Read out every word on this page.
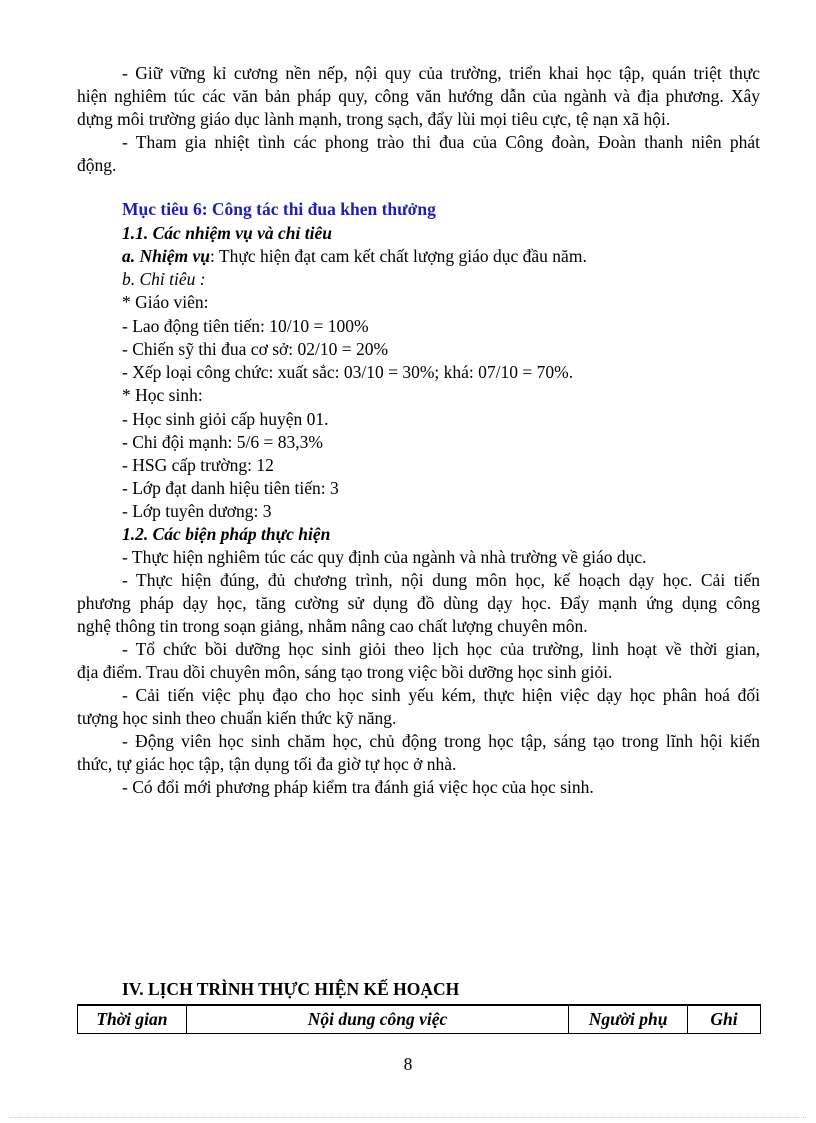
- Giữ vững kỉ cương nền nếp, nội quy của trường, triển khai học tập, quán triệt thực
hiện nghiêm túc các văn bản pháp quy, công văn hướng dẫn của ngành và địa phương. Xây
dựng môi trường giáo dục lành mạnh, trong sạch, đẩy lùi mọi tiêu cực, tệ nạn xã hội.
- Tham gia nhiệt tình các phong trào thi đua của Công đoàn, Đoàn thanh niên phát
động.
Mục tiêu 6: Công tác thi đua khen thưởng
1.1. Các nhiệm vụ và chỉ tiêu
a. Nhiệm vụ: Thực hiện đạt cam kết chất lượng giáo dục đầu năm.
b. Chỉ tiêu :
* Giáo viên:
- Lao động tiên tiến: 10/10 = 100%
- Chiến sỹ thi đua cơ sở: 02/10 = 20%
- Xếp loại công chức: xuất sắc: 03/10 = 30%; khá: 07/10 = 70%.
* Học sinh:
- Học sinh giỏi cấp huyện 01.
- Chi đội mạnh: 5/6 = 83,3%
- HSG cấp trường: 12
- Lớp đạt danh hiệu tiên tiến: 3
- Lớp tuyên dương: 3
1.2. Các biện pháp thực hiện
- Thực hiện nghiêm túc các quy định của ngành và nhà trường về giáo dục.
- Thực hiện đúng, đủ chương trình, nội dung môn học, kế hoạch dạy học. Cải tiến
phương pháp dạy học, tăng cường sử dụng đồ dùng dạy học. Đẩy mạnh ứng dụng công
nghệ thông tin trong soạn giảng, nhằm nâng cao chất lượng chuyên môn.
- Tổ chức bồi dưỡng học sinh giỏi theo lịch học của trường, linh hoạt về thời gian,
địa điểm. Trau dồi chuyên môn, sáng tạo trong việc bồi dưỡng học sinh giỏi.
- Cải tiến việc phụ đạo cho học sinh yếu kém, thực hiện việc dạy học phân hoá đối
tượng học sinh theo chuẩn kiến thức kỹ năng.
- Động viên học sinh chăm học, chủ động trong học tập, sáng tạo trong lĩnh hội kiến
thức, tự giác học tập, tận dụng tối đa giờ tự học ở nhà.
- Có đổi mới phương pháp kiểm tra đánh giá việc học của học sinh.
IV. LỊCH TRÌNH THỰC HIỆN KẾ HOẠCH
Thời gian	Nội dung công việc	Người phụ	Ghi
8
